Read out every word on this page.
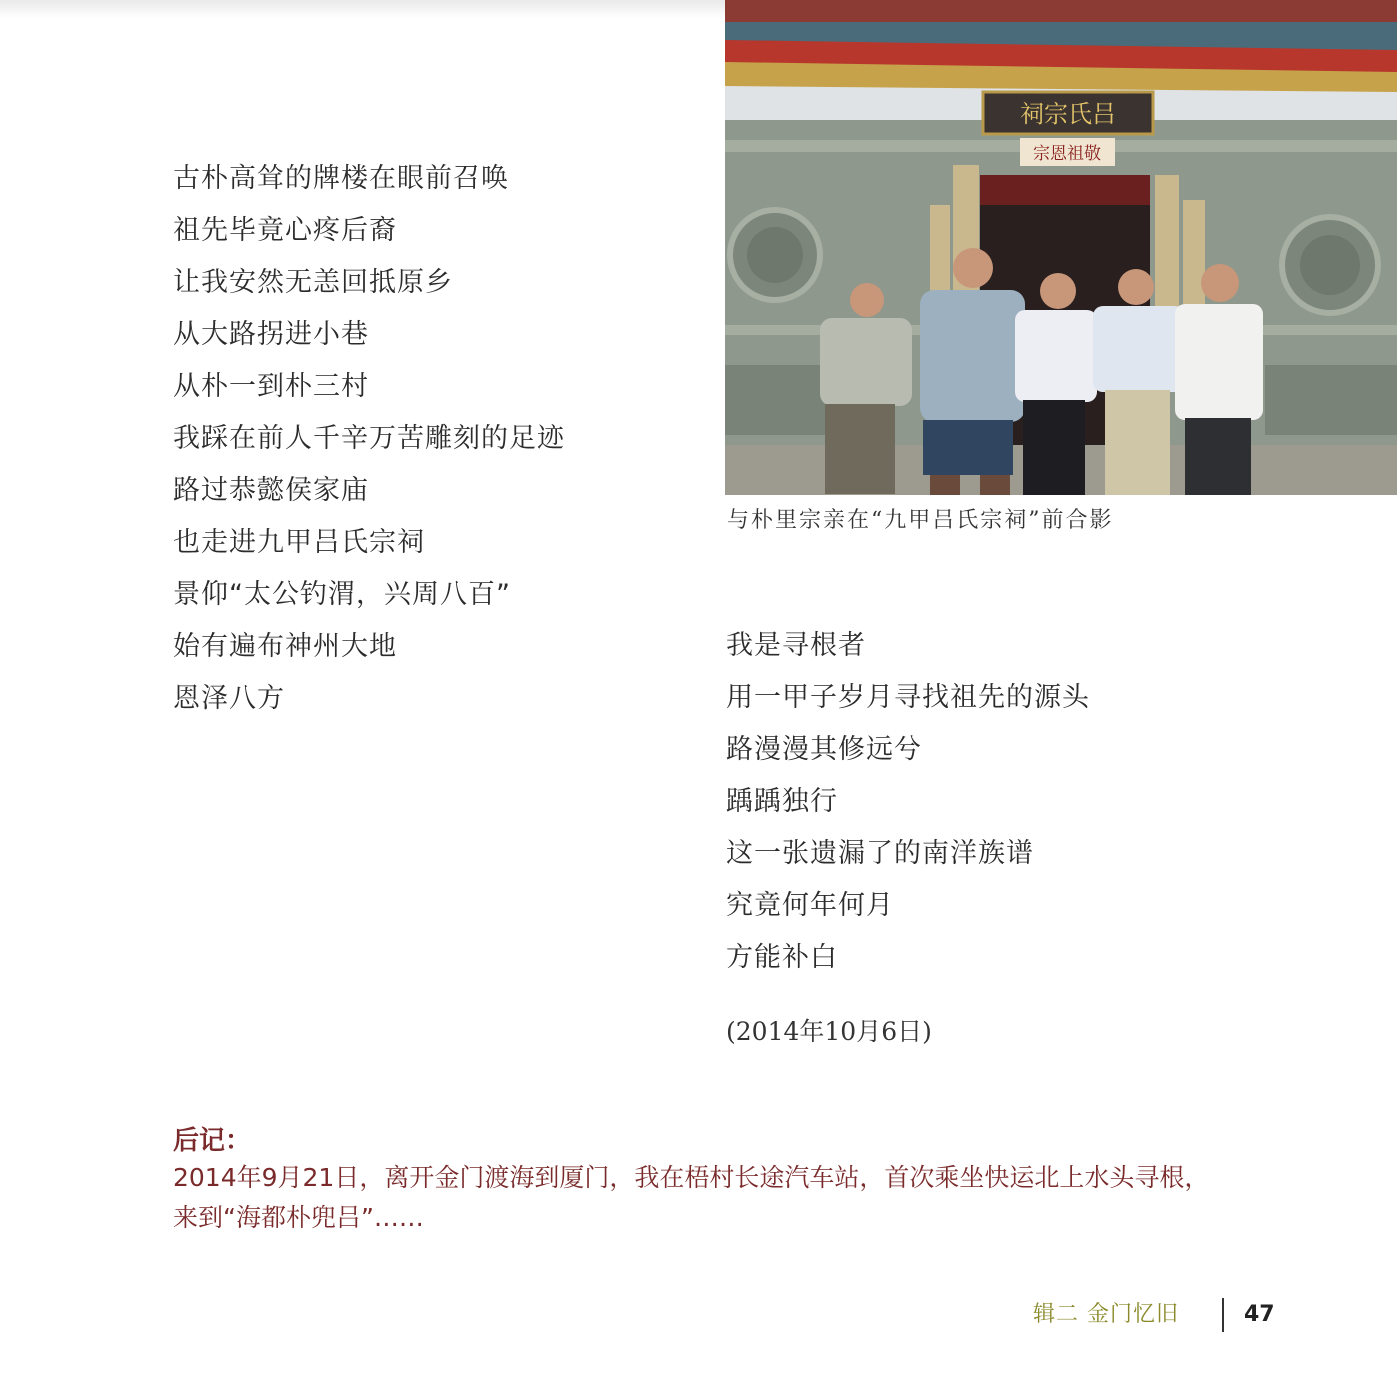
古朴高耸的牌楼在眼前召唤
祖先毕竟心疼后裔
让我安然无恙回抵原乡
从大路拐进小巷
从朴一到朴三村
我踩在前人千辛万苦雕刻的足迹
路过恭懿侯家庙
也走进九甲吕氏宗祠
景仰“太公钓渭，兴周八百”
始有遍布神州大地
恩泽八方
祠宗氏吕
宗恩祖敬
与朴里宗亲在“九甲吕氏宗祠”前合影
我是寻根者
用一甲子岁月寻找祖先的源头
路漫漫其修远兮
踽踽独行
这一张遗漏了的南洋族谱
究竟何年何月
方能补白
(2014年10月6日)
后记：

2014年9月21日，离开金门渡海到厦门，我在梧村长途汽车站，首次乘坐快运北上水头寻根，来到“海都朴兜吕”……

辑二 金门忆旧	47
